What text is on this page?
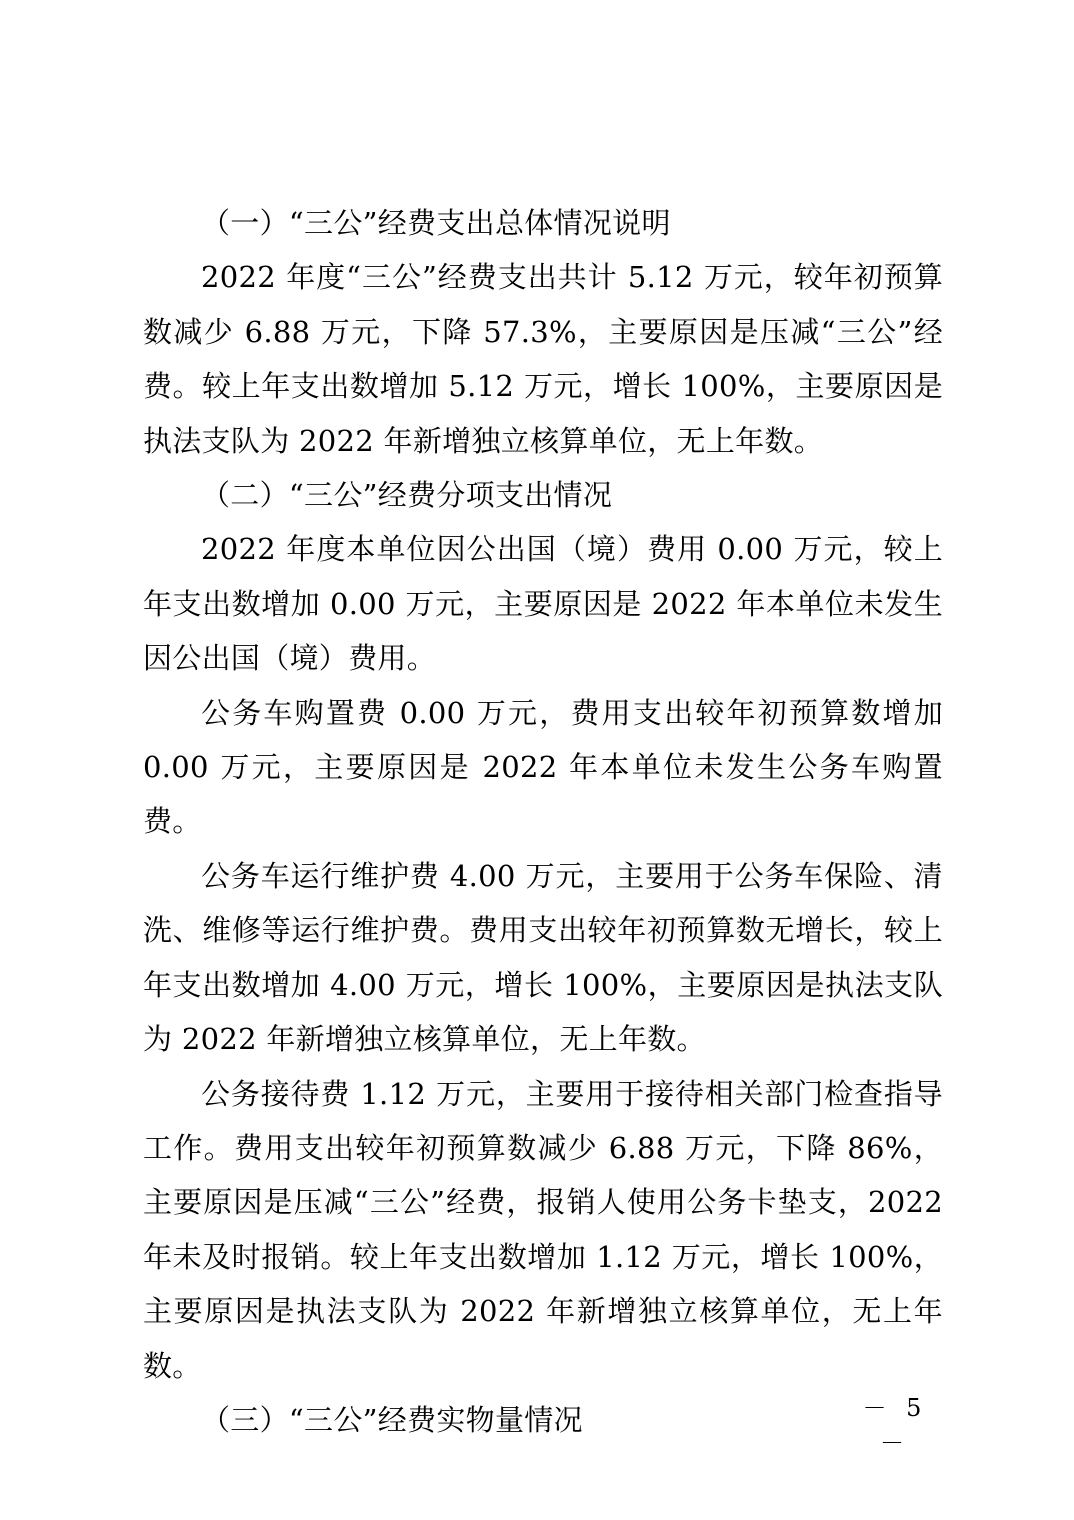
（一）“三公”经费支出总体情况说明

2022 年度“三公”经费支出共计 5.12 万元，较年初预算数减少 6.88 万元，下降 57.3%，主要原因是压减“三公”经费。较上年支出数增加 5.12 万元，增长 100%，主要原因是执法支队为 2022 年新增独立核算单位，无上年数。

（二）“三公”经费分项支出情况

2022 年度本单位因公出国（境）费用 0.00 万元，较上年支出数增加 0.00 万元，主要原因是 2022 年本单位未发生因公出国（境）费用。

公务车购置费 0.00 万元，费用支出较年初预算数增加 0.00 万元，主要原因是 2022 年本单位未发生公务车购置费。

公务车运行维护费 4.00 万元，主要用于公务车保险、清洗、维修等运行维护费。费用支出较年初预算数无增长，较上年支出数增加 4.00 万元，增长 100%，主要原因是执法支队为 2022 年新增独立核算单位，无上年数。

公务接待费 1.12 万元，主要用于接待相关部门检查指导工作。费用支出较年初预算数减少 6.88 万元，下降 86%，主要原因是压减“三公”经费，报销人使用公务卡垫支，2022 年未及时报销。较上年支出数增加 1.12 万元，增长 100%，主要原因是执法支队为 2022 年新增独立核算单位，无上年数。

（三）“三公”经费实物量情况	－ 5 －
